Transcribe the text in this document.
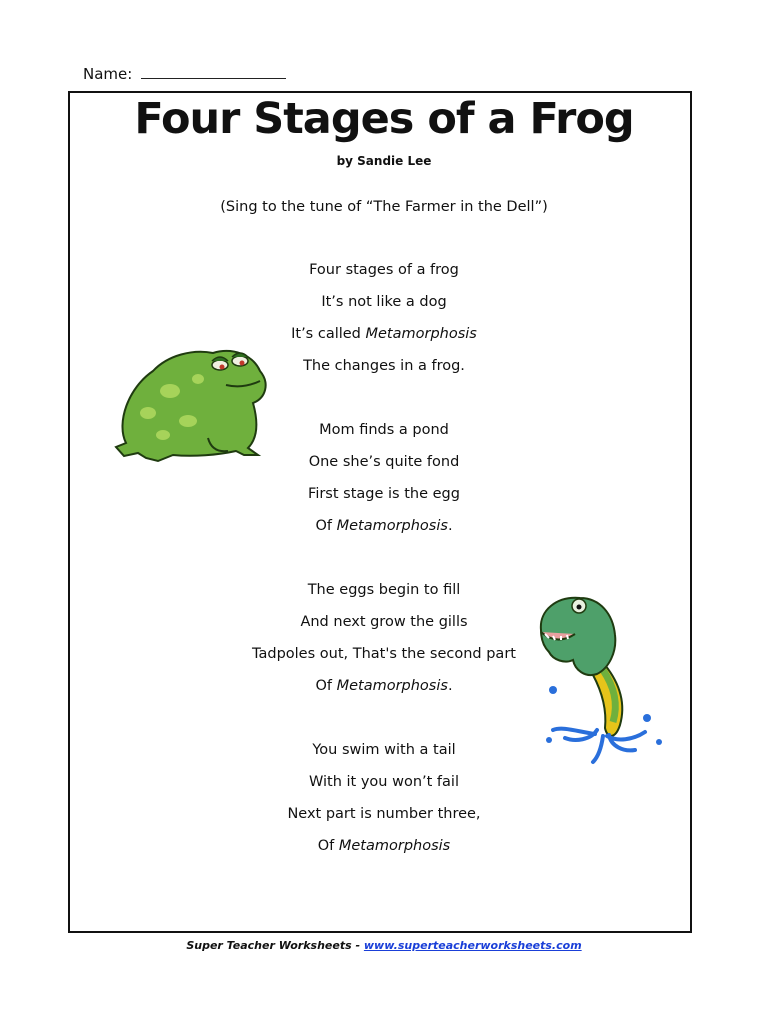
Name:
Four Stages of a Frog
by Sandie Lee
(Sing to the tune of “The Farmer in the Dell”)
Four stages of a frog
It’s not like a dog
It’s called Metamorphosis
The changes in a frog.
Mom finds a pond
One she’s quite fond
First stage is the egg
Of Metamorphosis.
The eggs begin to fill
And next grow the gills
Tadpoles out, That's the second part
Of Metamorphosis.
You swim with a tail
With it you won’t fail
Next part is number three,
Of Metamorphosis
Super Teacher Worksheets - www.superteacherworksheets.com
